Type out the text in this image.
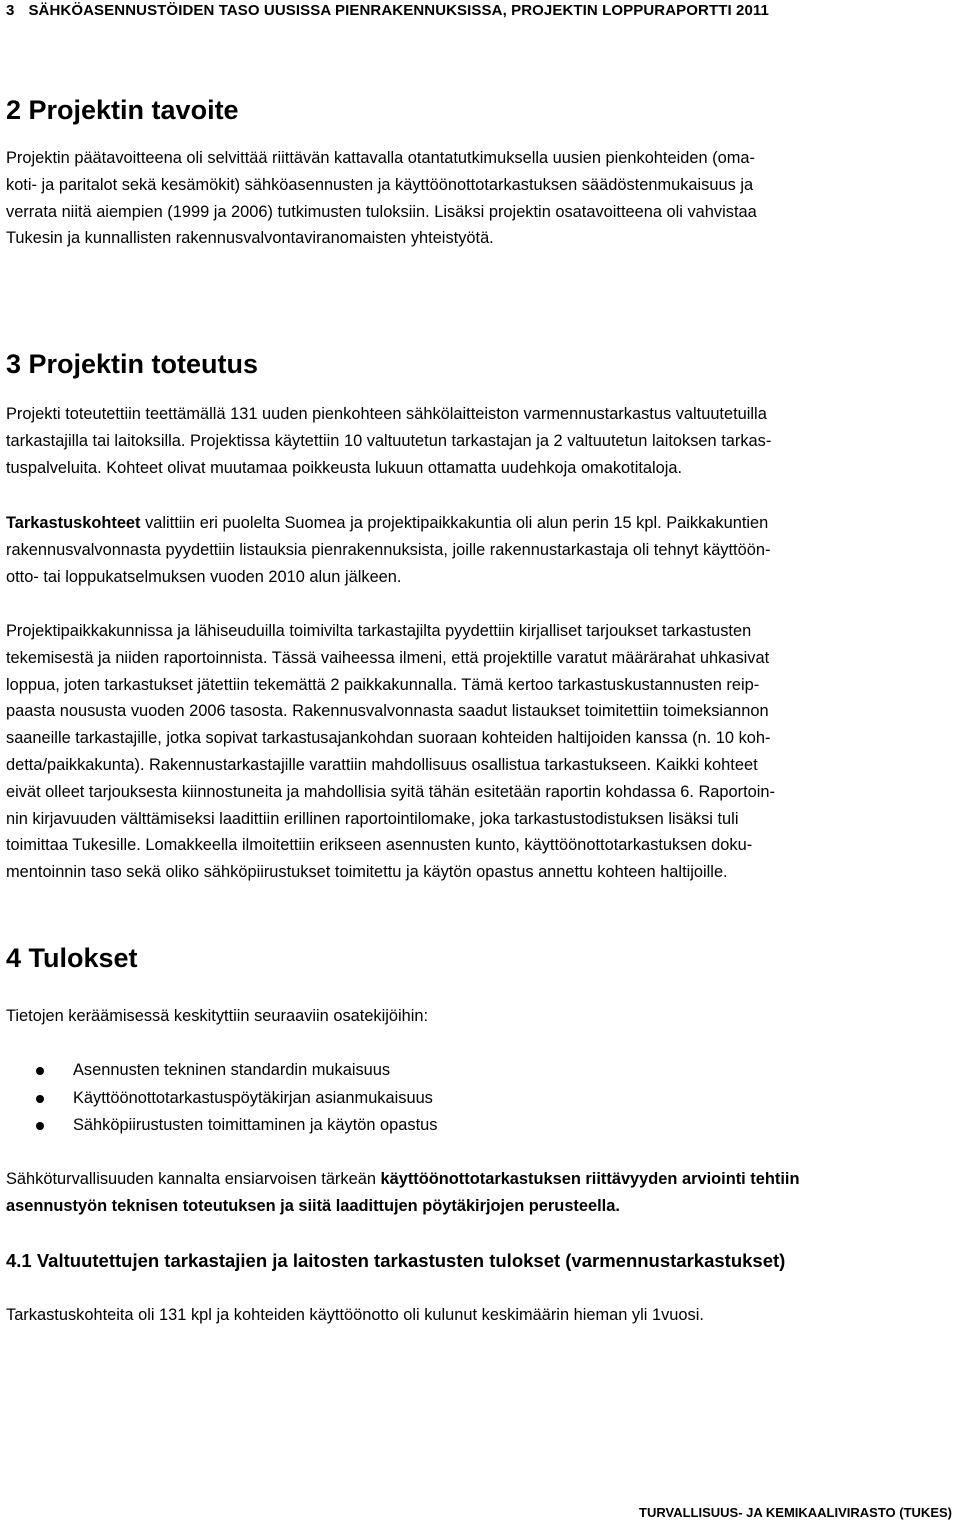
3 SÄHKÖASENNUSTÖIDEN TASO UUSISSA PIENRAKENNUKSISSA, PROJEKTIN LOPPURAPORTTI 2011
2 Projektin tavoite

Projektin päätavoitteena oli selvittää riittävän kattavalla otantatutkimuksella uusien pienkohteiden (oma-
koti- ja paritalot sekä kesämökit) sähköasennusten ja käyttöönottotarkastuksen säädöstenmukaisuus ja
verrata niitä aiempien (1999 ja 2006) tutkimusten tuloksiin. Lisäksi projektin osatavoitteena oli vahvistaa
Tukesin ja kunnallisten rakennusvalvontaviranomaisten yhteistyötä.

3 Projektin toteutus

Projekti toteutettiin teettämällä 131 uuden pienkohteen sähkölaitteiston varmennustarkastus valtuutetuilla
tarkastajilla tai laitoksilla. Projektissa käytettiin 10 valtuutetun tarkastajan ja 2 valtuutetun laitoksen tarkas-
tuspalveluita. Kohteet olivat muutamaa poikkeusta lukuun ottamatta uudehkoja omakotitaloja.

Tarkastuskohteet valittiin eri puolelta Suomea ja projektipaikkakuntia oli alun perin 15 kpl. Paikkakuntien
rakennusvalvonnasta pyydettiin listauksia pienrakennuksista, joille rakennustarkastaja oli tehnyt käyttöön-
otto- tai loppukatselmuksen vuoden 2010 alun jälkeen.

Projektipaikkakunnissa ja lähiseuduilla toimivilta tarkastajilta pyydettiin kirjalliset tarjoukset tarkastusten
tekemisestä ja niiden raportoinnista. Tässä vaiheessa ilmeni, että projektille varatut määrärahat uhkasivat
loppua, joten tarkastukset jätettiin tekemättä 2 paikkakunnalla. Tämä kertoo tarkastuskustannusten reip-
paasta noususta vuoden 2006 tasosta. Rakennusvalvonnasta saadut listaukset toimitettiin toimeksiannon
saaneille tarkastajille, jotka sopivat tarkastusajankohdan suoraan kohteiden haltijoiden kanssa (n. 10 koh-
detta/paikkakunta). Rakennustarkastajille varattiin mahdollisuus osallistua tarkastukseen. Kaikki kohteet
eivät olleet tarjouksesta kiinnostuneita ja mahdollisia syitä tähän esitetään raportin kohdassa 6. Raportoin-
nin kirjavuuden välttämiseksi laadittiin erillinen raportointilomake, joka tarkastustodistuksen lisäksi tuli
toimittaa Tukesille. Lomakkeella ilmoitettiin erikseen asennusten kunto, käyttöönottotarkastuksen doku-
mentoinnin taso sekä oliko sähköpiirustukset toimitettu ja käytön opastus annettu kohteen haltijoille.

4 Tulokset

Tietojen keräämisessä keskityttiin seuraaviin osatekijöihin:

Asennusten tekninen standardin mukaisuus
Käyttöönottotarkastuspöytäkirjan asianmukaisuus
Sähköpiirustusten toimittaminen ja käytön opastus

Sähköturvallisuuden kannalta ensiarvoisen tärkeän käyttöönottotarkastuksen riittävyyden arviointi tehtiin
asennustyön teknisen toteutuksen ja siitä laadittujen pöytäkirjojen perusteella.

4.1 Valtuutettujen tarkastajien ja laitosten tarkastusten tulokset (varmennustarkastukset)

Tarkastuskohteita oli 131 kpl ja kohteiden käyttöönotto oli kulunut keskimäärin hieman yli 1vuosi.

TURVALLISUUS- JA KEMIKAALIVIRASTO (TUKES)
